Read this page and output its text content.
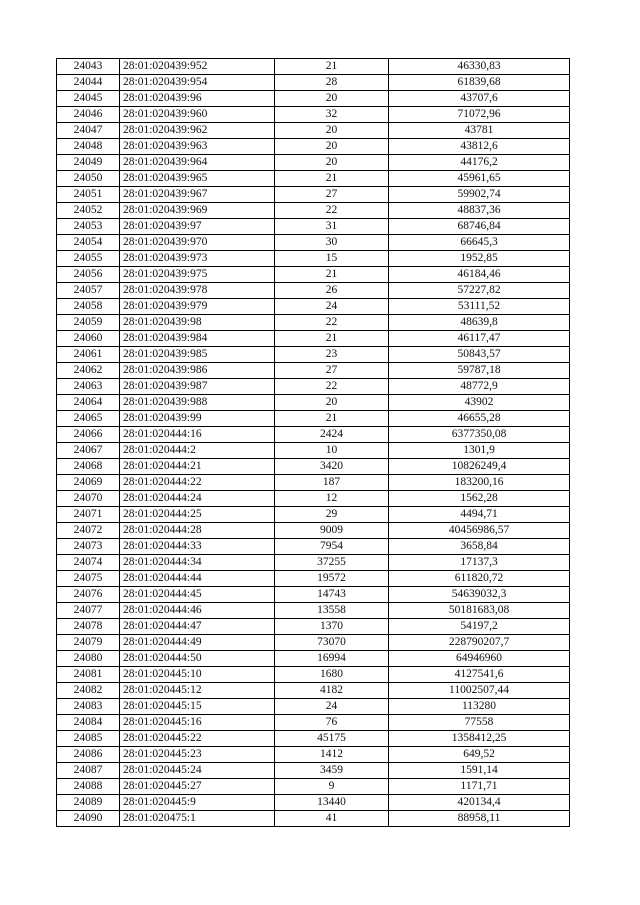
24043	28:01:020439:952	21	46330,83
24044	28:01:020439:954	28	61839,68
24045	28:01:020439:96	20	43707,6
24046	28:01:020439:960	32	71072,96
24047	28:01:020439:962	20	43781
24048	28:01:020439:963	20	43812,6
24049	28:01:020439:964	20	44176,2
24050	28:01:020439:965	21	45961,65
24051	28:01:020439:967	27	59902,74
24052	28:01:020439:969	22	48837,36
24053	28:01:020439:97	31	68746,84
24054	28:01:020439:970	30	66645,3
24055	28:01:020439:973	15	1952,85
24056	28:01:020439:975	21	46184,46
24057	28:01:020439:978	26	57227,82
24058	28:01:020439:979	24	53111,52
24059	28:01:020439:98	22	48639,8
24060	28:01:020439:984	21	46117,47
24061	28:01:020439:985	23	50843,57
24062	28:01:020439:986	27	59787,18
24063	28:01:020439:987	22	48772,9
24064	28:01:020439:988	20	43902
24065	28:01:020439:99	21	46655,28
24066	28:01:020444:16	2424	6377350,08
24067	28:01:020444:2	10	1301,9
24068	28:01:020444:21	3420	10826249,4
24069	28:01:020444:22	187	183200,16
24070	28:01:020444:24	12	1562,28
24071	28:01:020444:25	29	4494,71
24072	28:01:020444:28	9009	40456986,57
24073	28:01:020444:33	7954	3658,84
24074	28:01:020444:34	37255	17137,3
24075	28:01:020444:44	19572	611820,72
24076	28:01:020444:45	14743	54639032,3
24077	28:01:020444:46	13558	50181683,08
24078	28:01:020444:47	1370	54197,2
24079	28:01:020444:49	73070	228790207,7
24080	28:01:020444:50	16994	64946960
24081	28:01:020445:10	1680	4127541,6
24082	28:01:020445:12	4182	11002507,44
24083	28:01:020445:15	24	113280
24084	28:01:020445:16	76	77558
24085	28:01:020445:22	45175	1358412,25
24086	28:01:020445:23	1412	649,52
24087	28:01:020445:24	3459	1591,14
24088	28:01:020445:27	9	1171,71
24089	28:01:020445:9	13440	420134,4
24090	28:01:020475:1	41	88958,11
